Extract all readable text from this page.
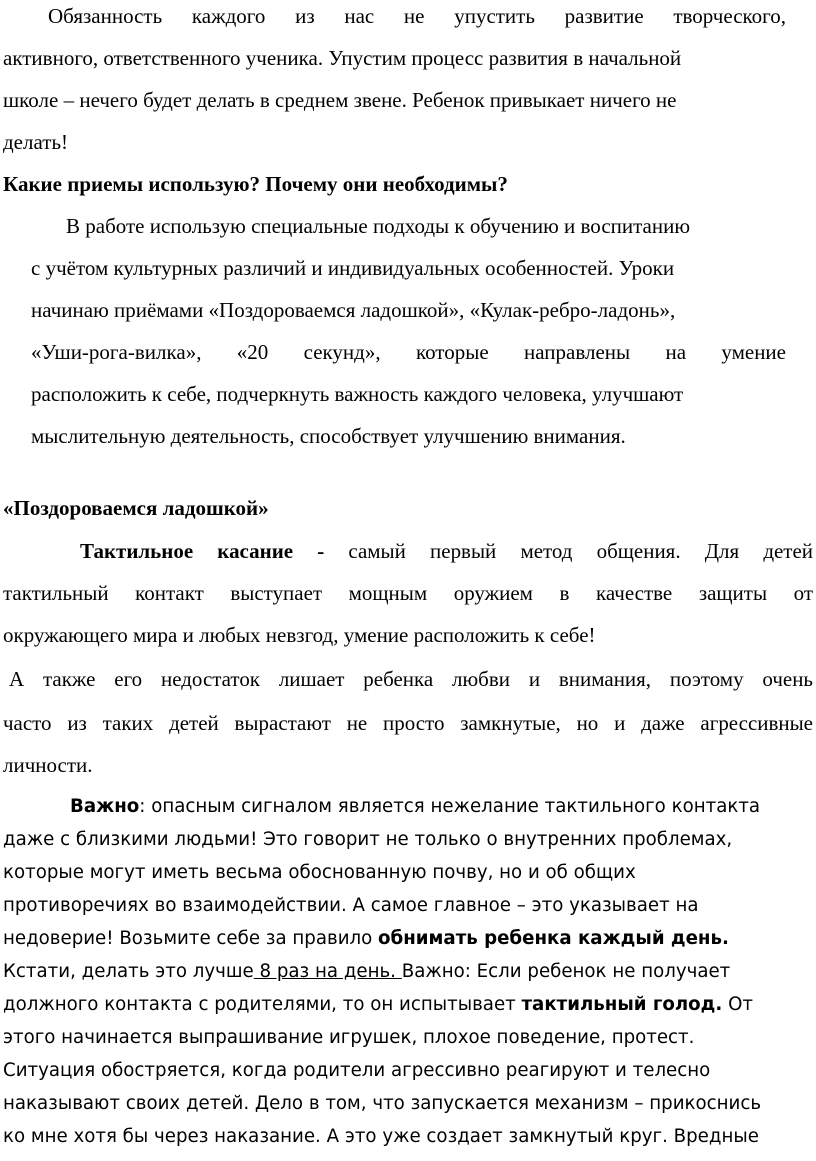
Обязанность каждого из нас не упустить развитие творческого,
активного, ответственного ученика. Упустим процесс развития в начальной
школе – нечего будет делать в среднем звене. Ребенок привыкает ничего не
делать!
Какие приемы использую? Почему они необходимы?
В работе использую специальные подходы к обучению и воспитанию
с учётом культурных различий и индивидуальных особенностей. Уроки
начинаю приёмами «Поздороваемся ладошкой», «Кулак-ребро-ладонь»,
«Уши-рога-вилка», «20 секунд», которые направлены на умение
расположить к себе, подчеркнуть важность каждого человека, улучшают
мыслительную деятельность, способствует улучшению внимания.
«Поздороваемся ладошкой»
Тактильное касание - самый первый метод общения. Для детей
тактильный контакт выступает мощным оружием в качестве защиты от
окружающего мира и любых невзгод, умение расположить к себе!
А также его недостаток лишает ребенка любви и внимания, поэтому очень
часто из таких детей вырастают не просто замкнутые, но и даже агрессивные
личности.
Важно: опасным сигналом является нежелание тактильного контакта
даже с близкими людьми! Это говорит не только о внутренних проблемах,
которые могут иметь весьма обоснованную почву, но и об общих
противоречиях во взаимодействии. А самое главное – это указывает на
недоверие! Возьмите себе за правило обнимать ребенка каждый день.
Кстати, делать это лучше 8 раз на день. Важно: Если ребенок не получает
должного контакта с родителями, то он испытывает тактильный голод. От
этого начинается выпрашивание игрушек, плохое поведение, протест.
Ситуация обостряется, когда родители агрессивно реагируют и телесно
наказывают своих детей. Дело в том, что запускается механизм – прикоснись
ко мне хотя бы через наказание. А это уже создает замкнутый круг. Вредные
